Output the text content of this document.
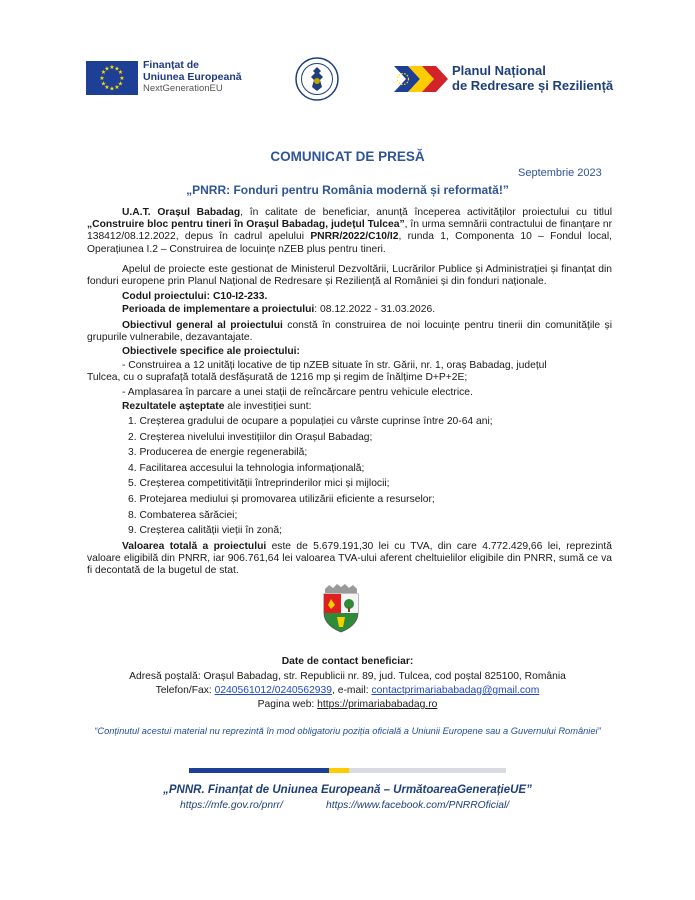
★ ★
★
★
★
★
★
★
★
★
★
★	Finanțat de
Uniunea Europeană
NextGenerationEU
Planul Național
de Redresare și Reziliență
COMUNICAT DE PRESĂ
Septembrie 2023
„PNRR: Fonduri pentru România modernă și reformată!”
U.A.T. Orașul Babadag, în calitate de beneficiar, anunță începerea activităților proiectului cu titlul „Construire bloc pentru tineri în Orașul Babadag, județul Tulcea”, în urma semnării contractului de finanțare nr 138412/08.12.2022, depus în cadrul apelului PNRR/2022/C10/I2, runda 1, Componenta 10 – Fondul local, Operațiunea I.2 – Construirea de locuințe nZEB plus pentru tineri.
Apelul de proiecte este gestionat de Ministerul Dezvoltării, Lucrărilor Publice și Administrației și finanțat din fonduri europene prin Planul Național de Redresare și Reziliență al României și din fonduri naționale.
Codul proiectului: C10-I2-233.
Perioada de implementare a proiectului: 08.12.2022 - 31.03.2026.
Obiectivul general al proiectului constă în construirea de noi locuințe pentru tinerii din comunitățile și grupurile vulnerabile, dezavantajate.
Obiectivele specifice ale proiectului:
- Construirea a 12 unități locative de tip nZEB situate în str. Gării, nr. 1, oraș Babadag, județul Tulcea, cu o suprafață totală desfășurată de 1216 mp și regim de înălțime D+P+2E;
- Amplasarea în parcare a unei stații de reîncărcare pentru vehicule electrice.
Rezultatele așteptate ale investiției sunt:
1. Creșterea gradului de ocupare a populației cu vârste cuprinse între 20-64 ani;
2. Creșterea nivelului investițiilor din Orașul Babadag;
3. Producerea de energie regenerabilă;
4. Facilitarea accesului la tehnologia informațională;
5. Creșterea competitivității întreprinderilor mici și mijlocii;
6. Protejarea mediului și promovarea utilizării eficiente a resurselor;
8. Combaterea sărăciei;
9. Creșterea calității vieții în zonă;
Valoarea totală a proiectului este de 5.679.191,30 lei cu TVA, din care 4.772.429,66 lei, reprezintă valoare eligibilă din PNRR, iar 906.761,64 lei valoarea TVA-ului aferent cheltuielilor eligibile din PNRR, sumă ce va fi decontată de la bugetul de stat.
Date de contact beneficiar:
Adresă poștală: Orașul Babadag, str. Republicii nr. 89, jud. Tulcea, cod poștal 825100, România
Telefon/Fax: 0240561012/0240562939, e-mail: contactprimariababadag@gmail.com
Pagina web: https://primariababadag.ro
“Conținutul acestui material nu reprezintă în mod obligatoriu poziția oficială a Uniunii Europene sau a Guvernului României”
„PNNR. Finanțat de Uniunea Europeană – UrmătoareaGenerațieUE”
https://mfe.gov.ro/pnrr/	https://www.facebook.com/PNRROficial/
